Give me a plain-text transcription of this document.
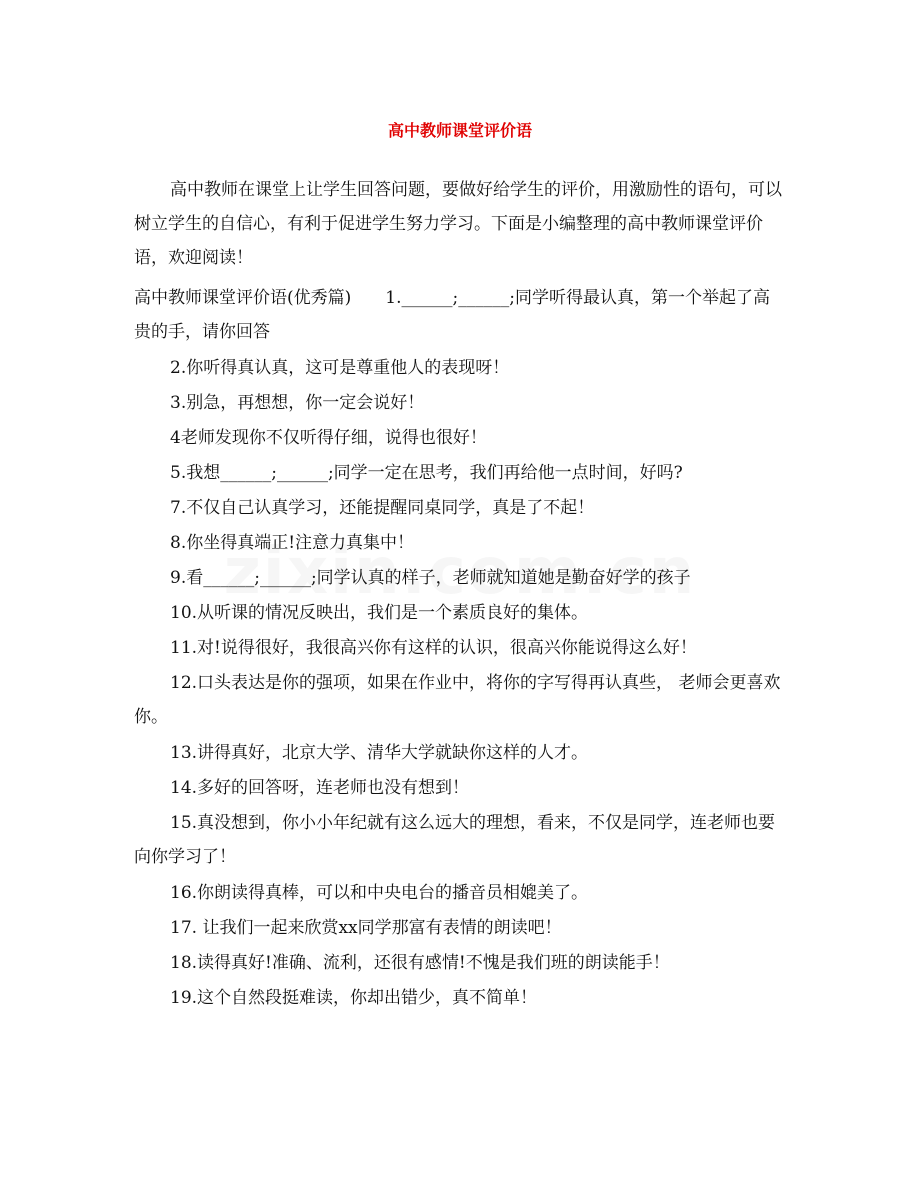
高中教师课堂评价语

高中教师在课堂上让学生回答问题，要做好给学生的评价，用激励性的语句，可以树立学生的自信心，有利于促进学生努力学习。下面是小编整理的高中教师课堂评价语，欢迎阅读！

高中教师课堂评价语(优秀篇)　　1.______;______;同学听得最认真，第一个举起了高贵的手，请你回答

2.你听得真认真，这可是尊重他人的表现呀！

3.别急，再想想，你一定会说好！

4老师发现你不仅听得仔细，说得也很好！

5.我想______;______;同学一定在思考，我们再给他一点时间，好吗?

7.不仅自己认真学习，还能提醒同桌同学，真是了不起！

8.你坐得真端正!注意力真集中！

9.看______;______;同学认真的样子，老师就知道她是勤奋好学的孩子

10.从听课的情况反映出，我们是一个素质良好的集体。

11.对!说得很好，我很高兴你有这样的认识，很高兴你能说得这么好！

12.口头表达是你的强项，如果在作业中，将你的字写得再认真些， 老师会更喜欢你。

13.讲得真好，北京大学、清华大学就缺你这样的人才。

14.多好的回答呀，连老师也没有想到！

15.真没想到，你小小年纪就有这么远大的理想，看来，不仅是同学，连老师也要向你学习了！

16.你朗读得真棒，可以和中央电台的播音员相媲美了。

17. 让我们一起来欣赏xx同学那富有表情的朗读吧！

18.读得真好!准确、流利，还很有感情!不愧是我们班的朗读能手！

19.这个自然段挺难读，你却出错少，真不简单！
